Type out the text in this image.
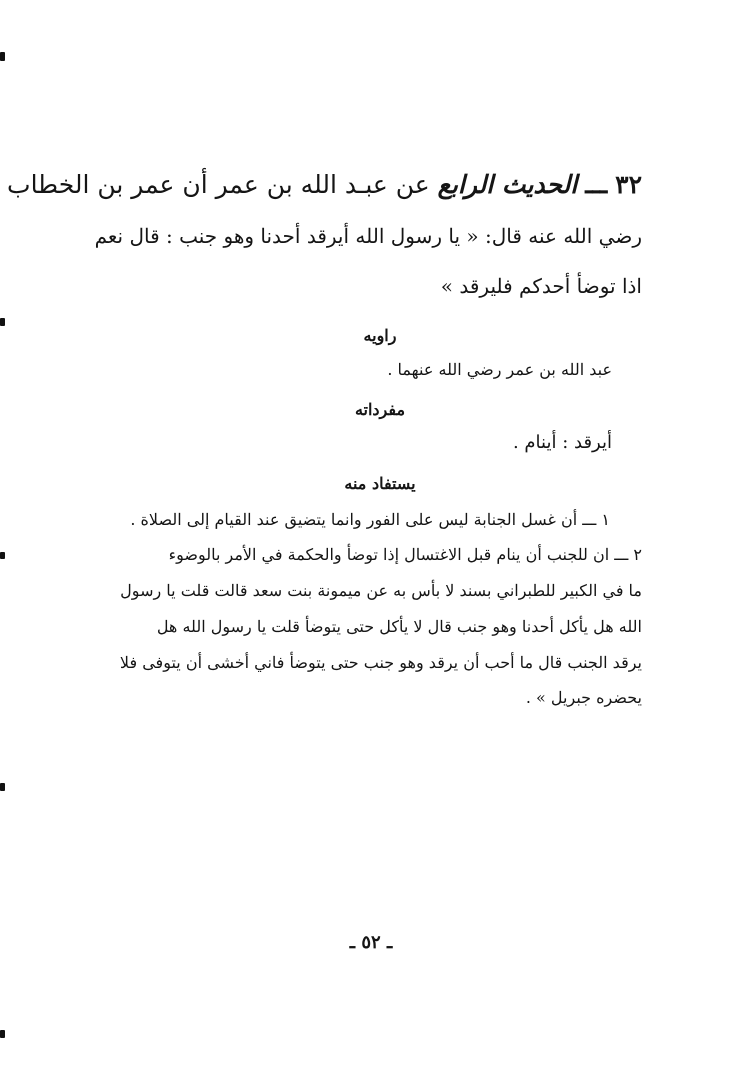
٣٢ ـــ الحديث الرابع عن عبـد الله بن عمر أن عمر بن الخطاب
رضي الله عنه قال: « يا رسول الله أيرقد أحدنا وهو جنب : قال نعم
اذا توضأ أحدكم فليرقد »
راويه
عبد الله بن عمر رضي الله عنهما .
مفرداته
أيرقد : أينام .
يستفاد منه
١ ـــ أن غسل الجنابة ليس على الفور وانما يتضيق عند القيام إلى الصلاة .
٢ ـــ ان للجنب أن ينام قبل الاغتسال إذا توضأ والحكمة في الأمر بالوضوء
ما في الكبير للطبراني بسند لا بأس به عن ميمونة بنت سعد قالت قلت يا رسول
الله هل يأكل أحدنا وهو جنب قال لا يأكل حتى يتوضأ قلت يا رسول الله هل
يرقد الجنب قال ما أحب أن يرقد وهو جنب حتى يتوضأ فاني أخشى أن يتوفى فلا
يحضره جبريل » .
ـ ٥٢ ـ
